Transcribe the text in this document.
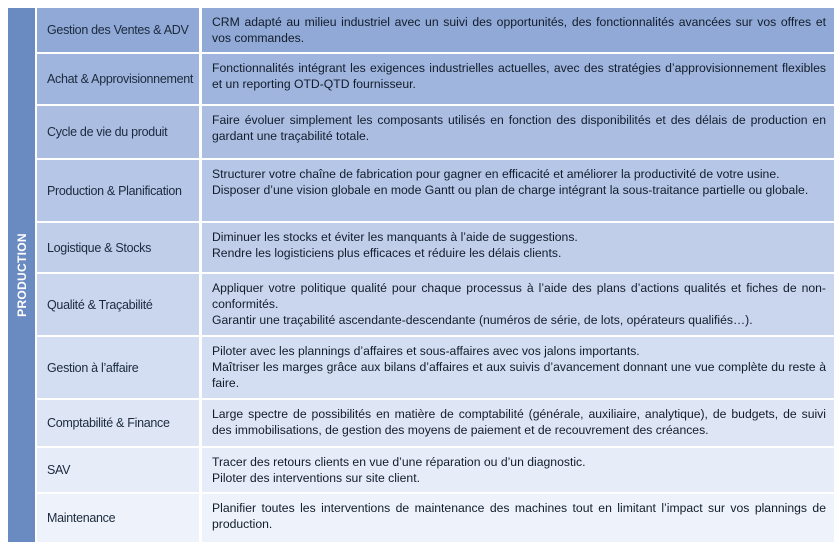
PRODUCTION
Gestion des Ventes & ADV
CRM adapté au milieu industriel avec un suivi des opportunités, des fonctionnalités avancées sur vos offres et vos commandes.
Achat & Approvisionnement
Fonctionnalités intégrant les exigences industrielles actuelles, avec des stratégies d’approvisionnement flexibles et un reporting OTD-QTD fournisseur.
Cycle de vie du produit
Faire évoluer simplement les composants utilisés en fonction des disponibilités et des délais de production en gardant une traçabilité totale.
Production & Planification
Structurer votre chaîne de fabrication pour gagner en efficacité et améliorer la productivité de votre usine.
Disposer d’une vision globale en mode Gantt ou plan de charge intégrant la sous-traitance partielle ou globale.
Logistique & Stocks
Diminuer les stocks et éviter les manquants à l’aide de suggestions.
Rendre les logisticiens plus efficaces et réduire les délais clients.
Qualité & Traçabilité
Appliquer votre politique qualité pour chaque processus à l’aide des plans d’actions qualités et fiches de non-conformités.
Garantir une traçabilité ascendante-descendante (numéros de série, de lots, opérateurs qualifiés…).
Gestion à l’affaire
Piloter avec les plannings d’affaires et sous-affaires avec vos jalons importants.
Maîtriser les marges grâce aux bilans d’affaires et aux suivis d’avancement donnant une vue complète du reste à faire.
Comptabilité & Finance
Large spectre de possibilités en matière de comptabilité (générale, auxiliaire, analytique), de budgets, de suivi des immobilisations, de gestion des moyens de paiement et de recouvrement des créances.
SAV
Tracer des retours clients en vue d’une réparation ou d’un diagnostic.
Piloter des interventions sur site client.
Maintenance
Planifier toutes les interventions de maintenance des machines tout en limitant l’impact sur vos plannings de production.
